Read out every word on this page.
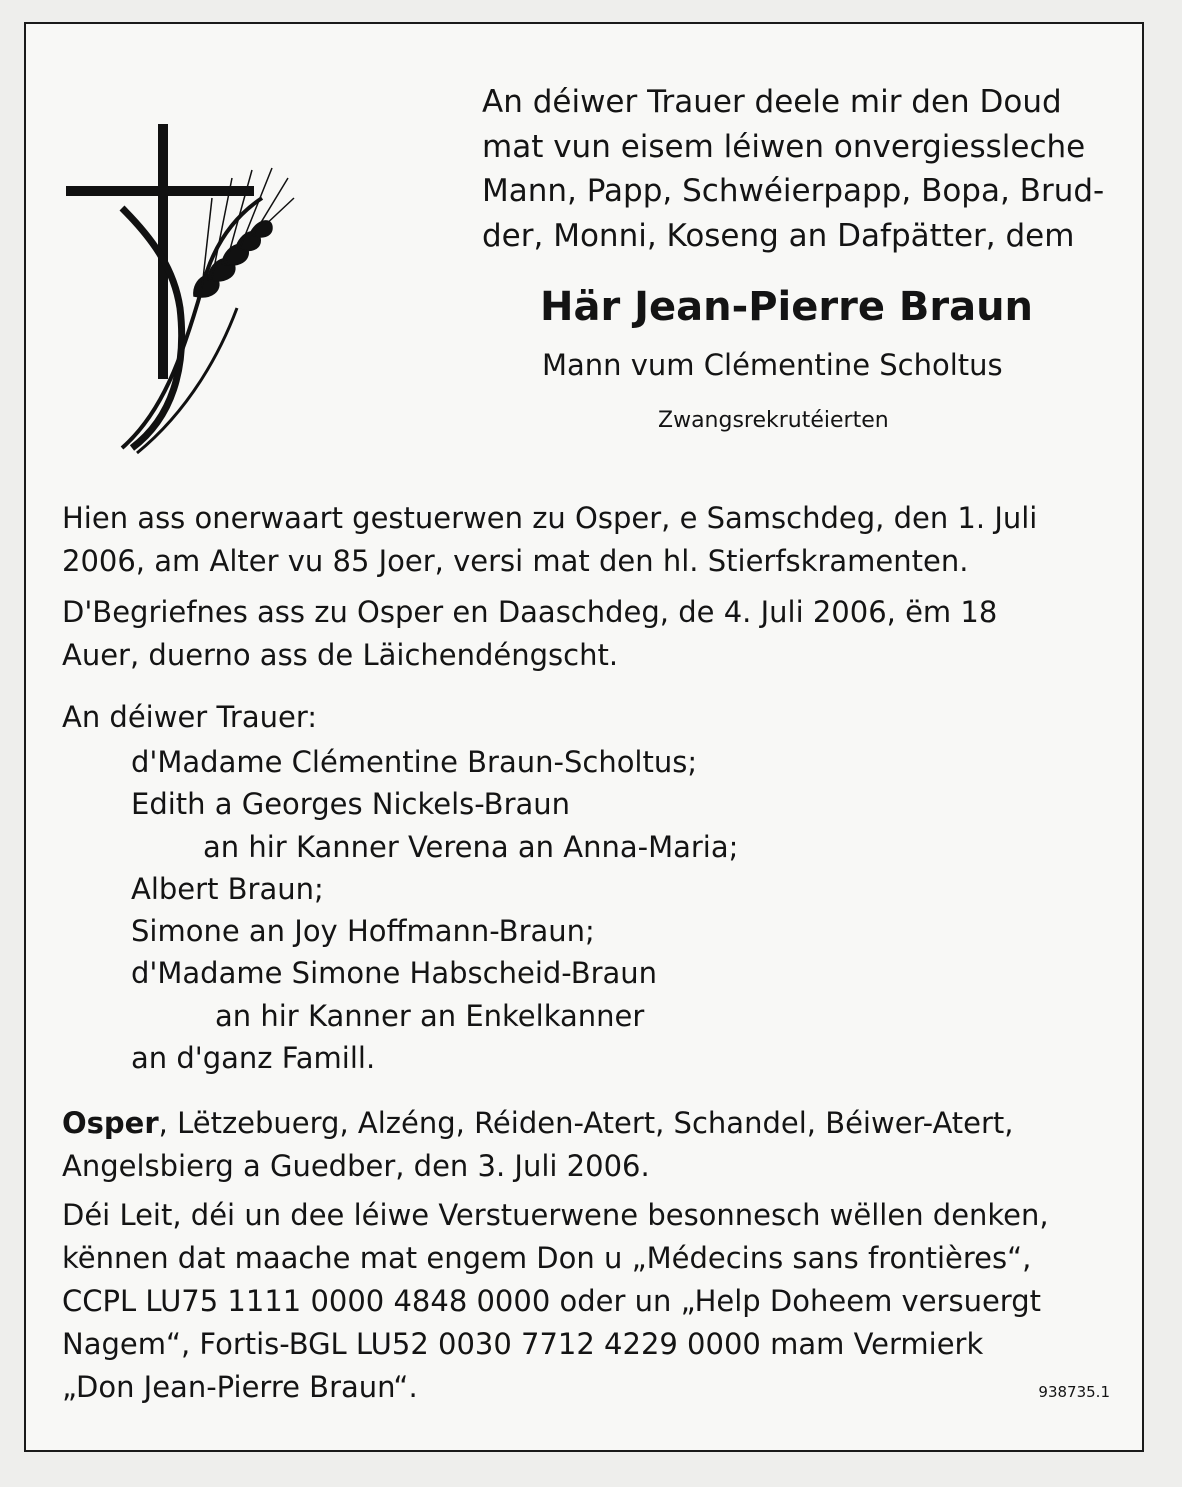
An déiwer Trauer deele mir den Doud
mat vun eisem léiwen onvergiessleche
Mann, Papp, Schwéierpapp, Bopa, Brud-
der, Monni, Koseng an Dafpätter, dem
Här Jean-Pierre Braun
Mann vum Clémentine Scholtus
Zwangsrekrutéierten
Hien ass onerwaart gestuerwen zu Osper, e Samschdeg, den 1. Juli
2006, am Alter vu 85 Joer, versi mat den hl. Stierfskramenten.
D'Begriefnes ass zu Osper en Daaschdeg, de 4. Juli 2006, ëm 18
Auer, duerno ass de Läichendéngscht.
An déiwer Trauer:
d'Madame Clémentine Braun-Scholtus;
Edith a Georges Nickels-Braun
an hir Kanner Verena an Anna-Maria;
Albert Braun;
Simone an Joy Hoffmann-Braun;
d'Madame Simone Habscheid-Braun
an hir Kanner an Enkelkanner
an d'ganz Famill.
Osper, Lëtzebuerg, Alzéng, Réiden-Atert, Schandel, Béiwer-Atert,
Angelsbierg a Guedber, den 3. Juli 2006.
Déi Leit, déi un dee léiwe Verstuerwene besonnesch wëllen denken,
kënnen dat maache mat engem Don u „Médecins sans frontières“,
CCPL LU75 1111 0000 4848 0000 oder un „Help Doheem versuergt
Nagem“, Fortis-BGL LU52 0030 7712 4229 0000 mam Vermierk
„Don Jean-Pierre Braun“.	938735.1
